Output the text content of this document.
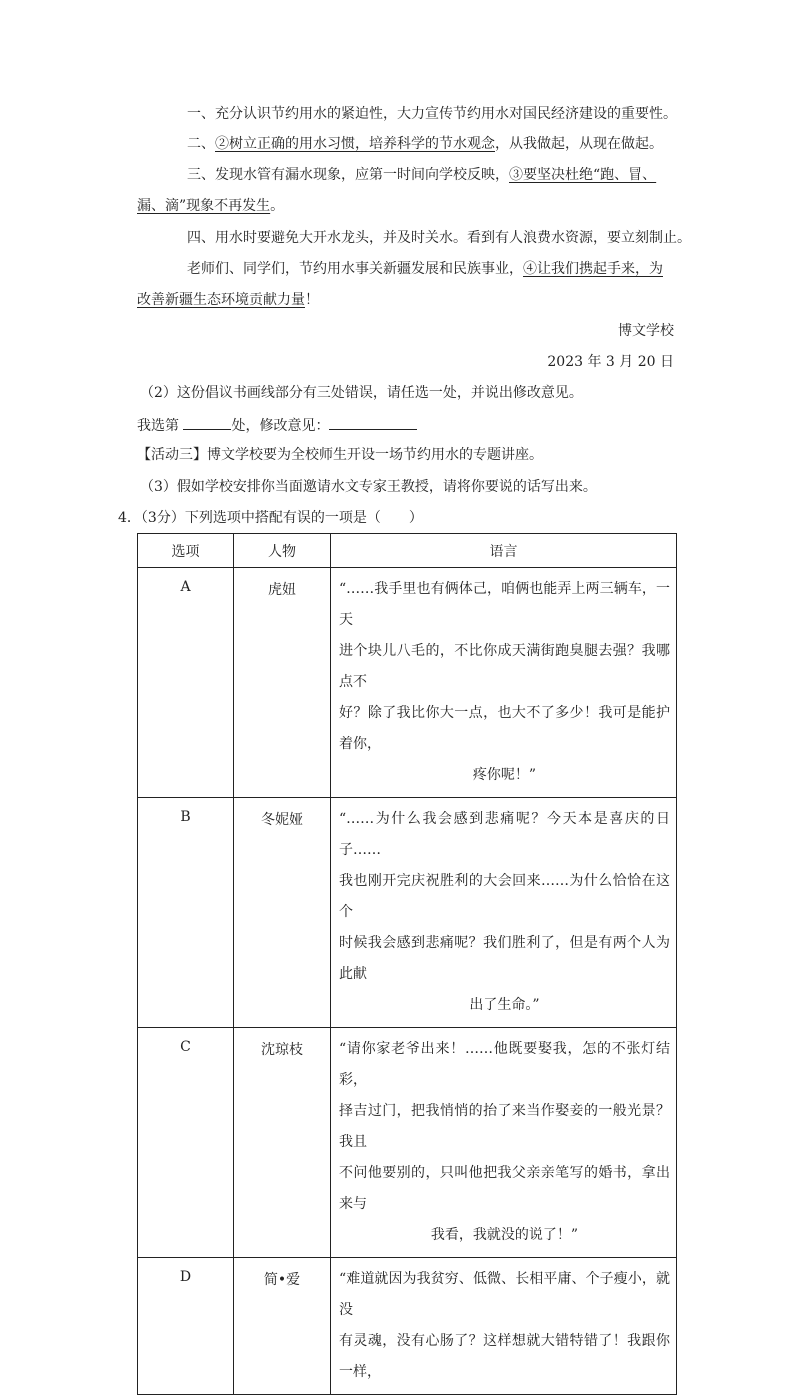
一、充分认识节约用水的紧迫性，大力宣传节约用水对国民经济建设的重要性。
二、②树立正确的用水习惯，培养科学的节水观念，从我做起，从现在做起。
三、发现水管有漏水现象，应第一时间向学校反映，③要坚决杜绝“跑、冒、
漏、滴”现象不再发生。
四、用水时要避免大开水龙头，并及时关水。看到有人浪费水资源，要立刻制止。
老师们、同学们，节约用水事关新疆发展和民族事业，④让我们携起手来，为
改善新疆生态环境贡献力量！
博文学校
2023 年 3 月 20 日
（2）这份倡议书画线部分有三处错误，请任选一处，并说出修改意见。
我选第	处，修改意见：
【活动三】博文学校要为全校师生开设一场节约用水的专题讲座。
（3）假如学校安排你当面邀请水文专家王教授，请将你要说的话写出来。
4．（3分）下列选项中搭配有误的一项是（　　）
选项	人物	语言
A	虎妞	“……我手里也有俩体己，咱俩也能弄上两三辆车，一天
进个块儿八毛的，不比你成天满街跑臭腿去强？我哪点不
好？除了我比你大一点，也大不了多少！我可是能护着你，
疼你呢！”

B	冬妮娅	“……为什么我会感到悲痛呢？今天本是喜庆的日子……
我也刚开完庆祝胜利的大会回来……为什么恰恰在这个
时候我会感到悲痛呢？我们胜利了，但是有两个人为此献
出了生命。”

C	沈琼枝	“请你家老爷出来！……他既要娶我，怎的不张灯结彩，
择吉过门，把我悄悄的抬了来当作娶妾的一般光景？我且
不问他要别的，只叫他把我父亲亲笔写的婚书，拿出来与
我看，我就没的说了！”

D	简•爱	“难道就因为我贫穷、低微、长相平庸、个子瘦小，就没
有灵魂，没有心肠了？这样想就大错特错了！我跟你一样，
